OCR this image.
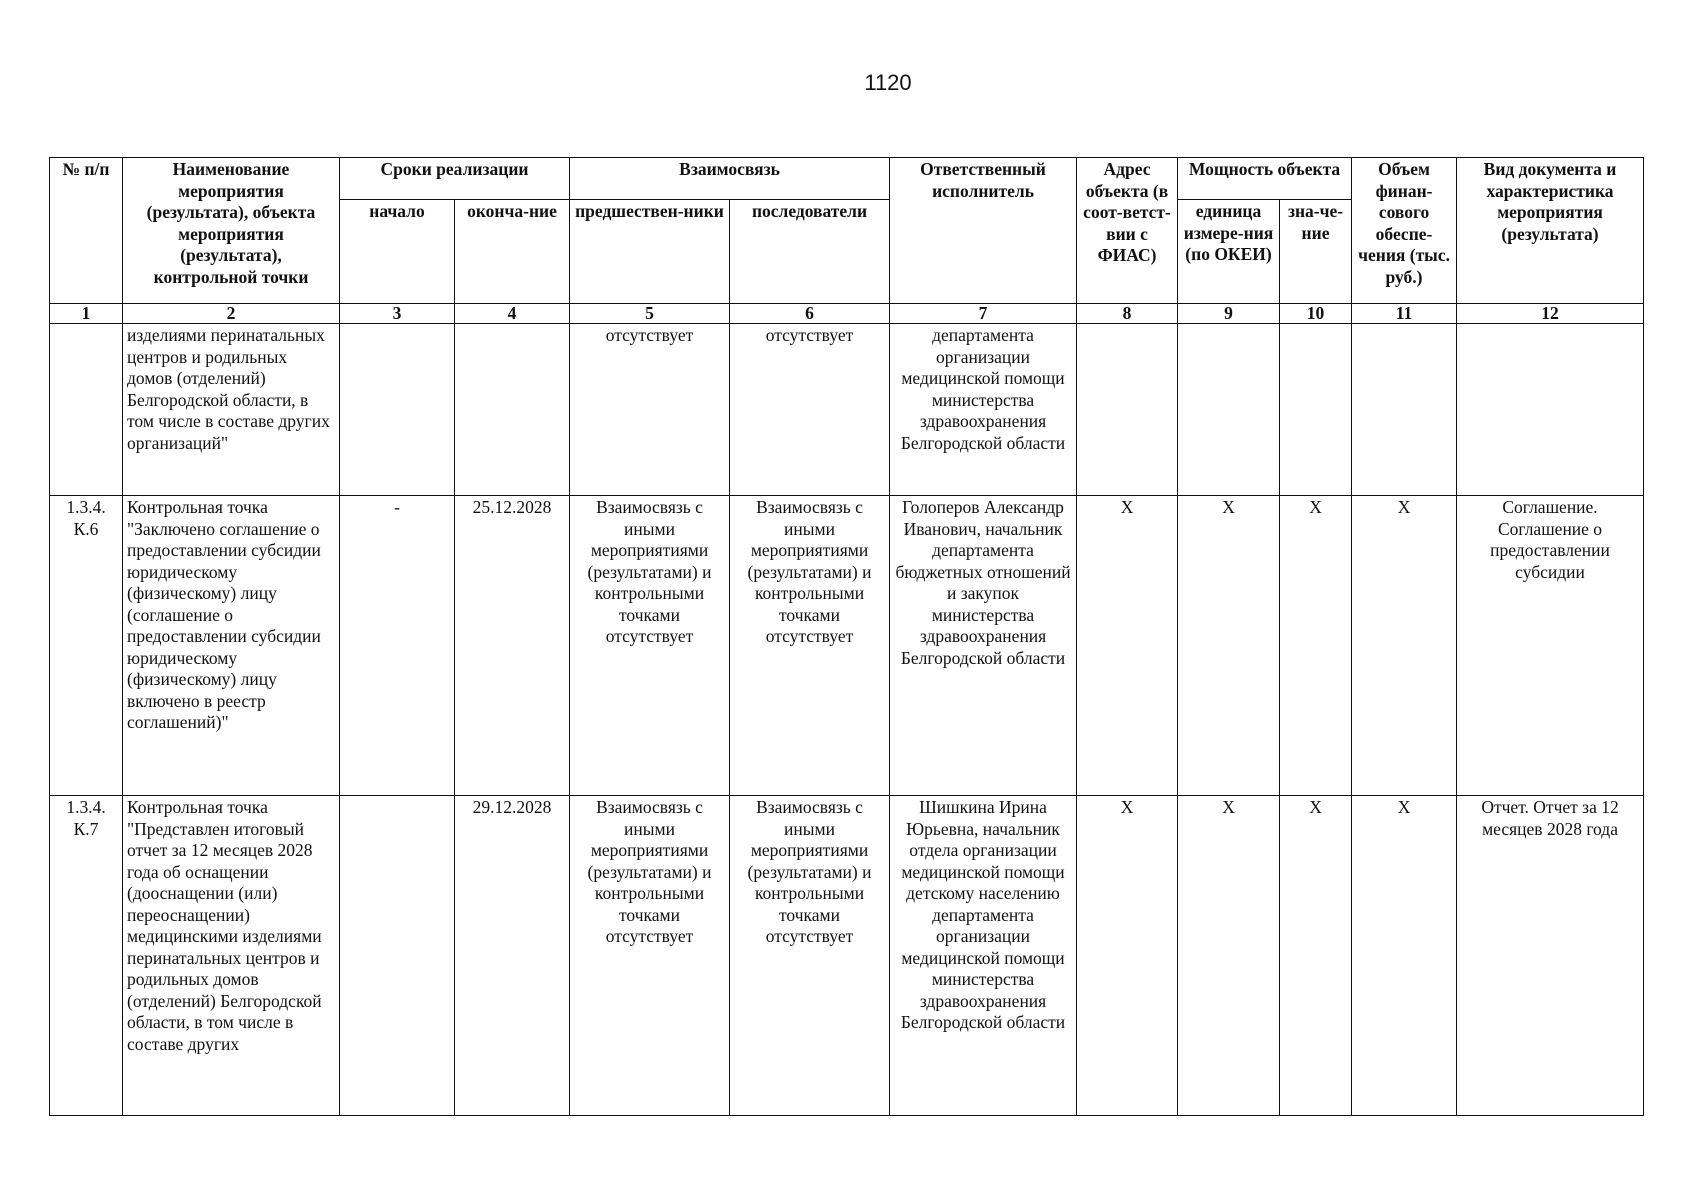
1120
№ п/п	Наименование мероприятия (результата), объекта мероприятия (результата), контрольной точки	Сроки реализации		Взаимосвязь		Ответственный исполнитель	Адрес объекта (в соот-ветст-вии с ФИАС)	Мощность объекта		Объем финан-сового обеспе-чения (тыс. руб.)	Вид документа и характеристика мероприятия (результата)
		начало	оконча-ние	предшествен-ники	последователи			единица измере-ния (по ОКЕИ)	зна-че-ние		
1	2	3	4	5	6	7	8	9	10	11	12
	изделиями перинатальных центров и родильных домов (отделений) Белгородской области, в том числе в составе других организаций"			отсутствует	отсутствует	департамента организации медицинской помощи министерства здравоохранения Белгородской области					
1.3.4. К.6	Контрольная точка "Заключено соглашение о предоставлении субсидии юридическому (физическому) лицу (соглашение о предоставлении субсидии юридическому (физическому) лицу включено в реестр соглашений)"	-	25.12.2028	Взаимосвязь с иными мероприятиями (результатами) и контрольными точками отсутствует	Взаимосвязь с иными мероприятиями (результатами) и контрольными точками отсутствует	Голоперов Александр Иванович, начальник департамента бюджетных отношений и закупок министерства здравоохранения Белгородской области	X	X	X	X	Соглашение. Соглашение о предоставлении субсидии
1.3.4. К.7	Контрольная точка "Представлен итоговый отчет за 12 месяцев 2028 года об оснащении (дооснащении (или) переоснащении) медицинскими изделиями перинатальных центров и родильных домов (отделений) Белгородской области, в том числе в составе других		29.12.2028	Взаимосвязь с иными мероприятиями (результатами) и контрольными точками отсутствует	Взаимосвязь с иными мероприятиями (результатами) и контрольными точками отсутствует	Шишкина Ирина Юрьевна, начальник отдела организации медицинской помощи детскому населению департамента организации медицинской помощи министерства здравоохранения Белгородской области	X	X	X	X	Отчет. Отчет за 12 месяцев 2028 года
